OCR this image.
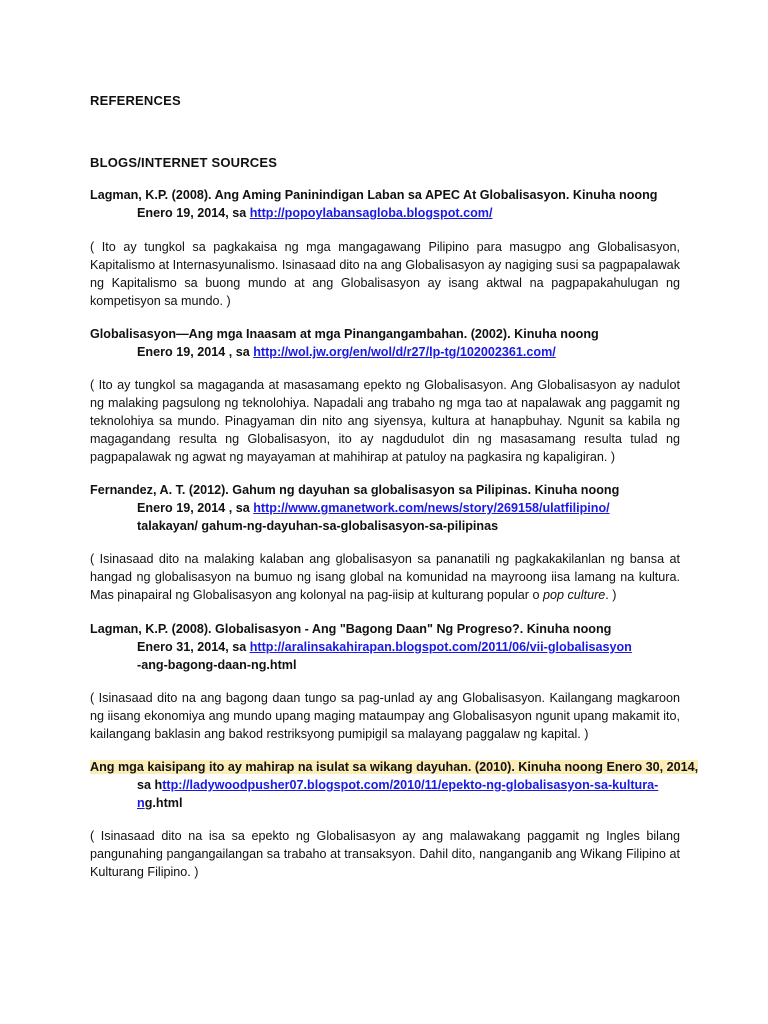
REFERENCES
BLOGS/INTERNET SOURCES
Lagman, K.P. (2008). Ang Aming Paninindigan Laban sa APEC At Globalisasyon. Kinuha noong
Enero 19, 2014, sa http://popoylabansagloba.blogspot.com/
( Ito ay tungkol sa pagkakaisa ng mga mangagawang Pilipino para masugpo ang Globalisasyon, Kapitalismo at Internasyunalismo. Isinasaad dito na ang Globalisasyon ay nagiging susi sa pagpapalawak ng Kapitalismo sa buong mundo at ang Globalisasyon ay isang aktwal na pagpapakahulugan ng kompetisyon sa mundo. )
Globalisasyon—Ang mga Inaasam at mga Pinangangambahan. (2002). Kinuha noong
Enero 19, 2014 , sa http://wol.jw.org/en/wol/d/r27/lp-tg/102002361.com/
( Ito ay tungkol sa magaganda at masasamang epekto ng Globalisasyon. Ang Globalisasyon ay nadulot ng malaking pagsulong ng teknolohiya. Napadali ang trabaho ng mga tao at napalawak ang paggamit ng teknolohiya sa mundo. Pinagyaman din nito ang siyensya, kultura at hanapbuhay. Ngunit sa kabila ng magagandang resulta ng Globalisasyon, ito ay nagdudulot din ng masasamang resulta tulad ng pagpapalawak ng agwat ng mayayaman at mahihirap at patuloy na pagkasira ng kapaligiran. )
Fernandez, A. T. (2012). Gahum ng dayuhan sa globalisasyon sa Pilipinas. Kinuha noong
Enero 19, 2014 , sa http://www.gmanetwork.com/news/story/269158/ulatfilipino/
talakayan/ gahum-ng-dayuhan-sa-globalisasyon-sa-pilipinas
( Isinasaad dito na malaking kalaban ang globalisasyon sa pananatili ng pagkakakilanlan ng bansa at hangad ng globalisasyon na bumuo ng isang global na komunidad na mayroong iisa lamang na kultura. Mas pinapairal ng Globalisasyon ang kolonyal na pag-iisip at kulturang popular o pop culture. )
Lagman, K.P. (2008). Globalisasyon - Ang "Bagong Daan" Ng Progreso?. Kinuha noong
Enero 31, 2014, sa http://aralinsakahirapan.blogspot.com/2011/06/vii-globalisasyon
-ang-bagong-daan-ng.html
( Isinasaad dito na ang bagong daan tungo sa pag-unlad ay ang Globalisasyon. Kailangang magkaroon ng iisang ekonomiya ang mundo upang maging mataumpay ang Globalisasyon ngunit upang makamit ito, kailangang baklasin ang bakod restriksyong pumipigil sa malayang paggalaw ng kapital. )
Ang mga kaisipang ito ay mahirap na isulat sa wikang dayuhan. (2010). Kinuha noong Enero 30, 2014,
sa http://ladywoodpusher07.blogspot.com/2010/11/epekto-ng-globalisasyon-sa-kultura-
ng.html
( Isinasaad dito na isa sa epekto ng Globalisasyon ay ang malawakang paggamit ng Ingles bilang pangunahing pangangailangan sa trabaho at transaksyon. Dahil dito, nanganganib ang Wikang Filipino at Kulturang Filipino. )
